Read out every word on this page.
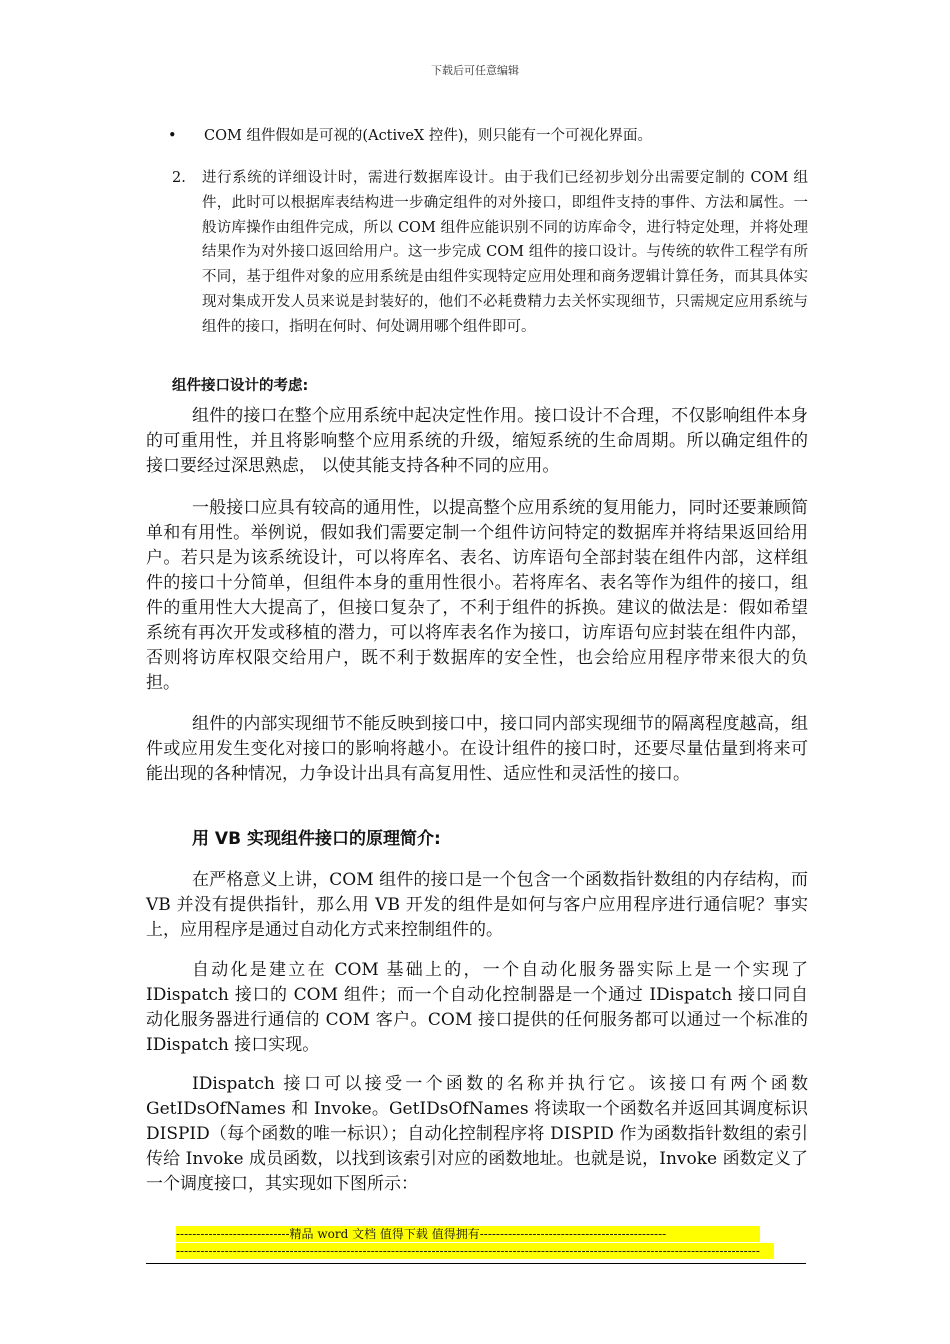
下载后可任意编辑
• COM 组件假如是可视的(ActiveX 控件)，则只能有一个可视化界面。
2. 进行系统的详细设计时，需进行数据库设计。由于我们已经初步划分出需要定制的 COM 组件，此时可以根据库表结构进一步确定组件的对外接口，即组件支持的事件、方法和属性。一般访库操作由组件完成，所以 COM 组件应能识别不同的访库命令，进行特定处理，并将处理结果作为对外接口返回给用户。这一步完成 COM 组件的接口设计。与传统的软件工程学有所不同，基于组件对象的应用系统是由组件实现特定应用处理和商务逻辑计算任务，而其具体实现对集成开发人员来说是封装好的，他们不必耗费精力去关怀实现细节，只需规定应用系统与组件的接口，指明在何时、何处调用哪个组件即可。
组件接口设计的考虑:
组件的接口在整个应用系统中起决定性作用。接口设计不合理，不仅影响组件本身的可重用性，并且将影响整个应用系统的升级，缩短系统的生命周期。所以确定组件的接口要经过深思熟虑， 以使其能支持各种不同的应用。
一般接口应具有较高的通用性，以提高整个应用系统的复用能力，同时还要兼顾简单和有用性。举例说，假如我们需要定制一个组件访问特定的数据库并将结果返回给用户。若只是为该系统设计，可以将库名、表名、访库语句全部封装在组件内部，这样组件的接口十分简单，但组件本身的重用性很小。若将库名、表名等作为组件的接口，组件的重用性大大提高了，但接口复杂了，不利于组件的拆换。建议的做法是：假如希望系统有再次开发或移植的潜力，可以将库表名作为接口，访库语句应封装在组件内部，否则将访库权限交给用户，既不利于数据库的安全性，也会给应用程序带来很大的负担。
组件的内部实现细节不能反映到接口中，接口同内部实现细节的隔离程度越高，组件或应用发生变化对接口的影响将越小。在设计组件的接口时，还要尽量估量到将来可能出现的各种情况，力争设计出具有高复用性、适应性和灵活性的接口。
用 VB 实现组件接口的原理简介:
在严格意义上讲，COM 组件的接口是一个包含一个函数指针数组的内存结构，而 VB 并没有提供指针，那么用 VB 开发的组件是如何与客户应用程序进行通信呢？事实上，应用程序是通过自动化方式来控制组件的。
自动化是建立在 COM 基础上的，一个自动化服务器实际上是一个实现了 IDispatch 接口的 COM 组件；而一个自动化控制器是一个通过 IDispatch 接口同自动化服务器进行通信的 COM 客户。COM 接口提供的任何服务都可以通过一个标准的 IDispatch 接口实现。
IDispatch 接口可以接受一个函数的名称并执行它。该接口有两个函数 GetIDsOfNames 和 Invoke。GetIDsOfNames 将读取一个函数名并返回其调度标识 DISPID（每个函数的唯一标识）；自动化控制程序将 DISPID 作为函数指针数组的索引传给 Invoke 成员函数，以找到该索引对应的函数地址。也就是说，Invoke 函数定义了一个调度接口，其实现如下图所示：
----------------------------精品 word 文档 值得下载 值得拥有----------------------------------------------
------------------------------------------------------------------------------------------------------------------------------------------------
